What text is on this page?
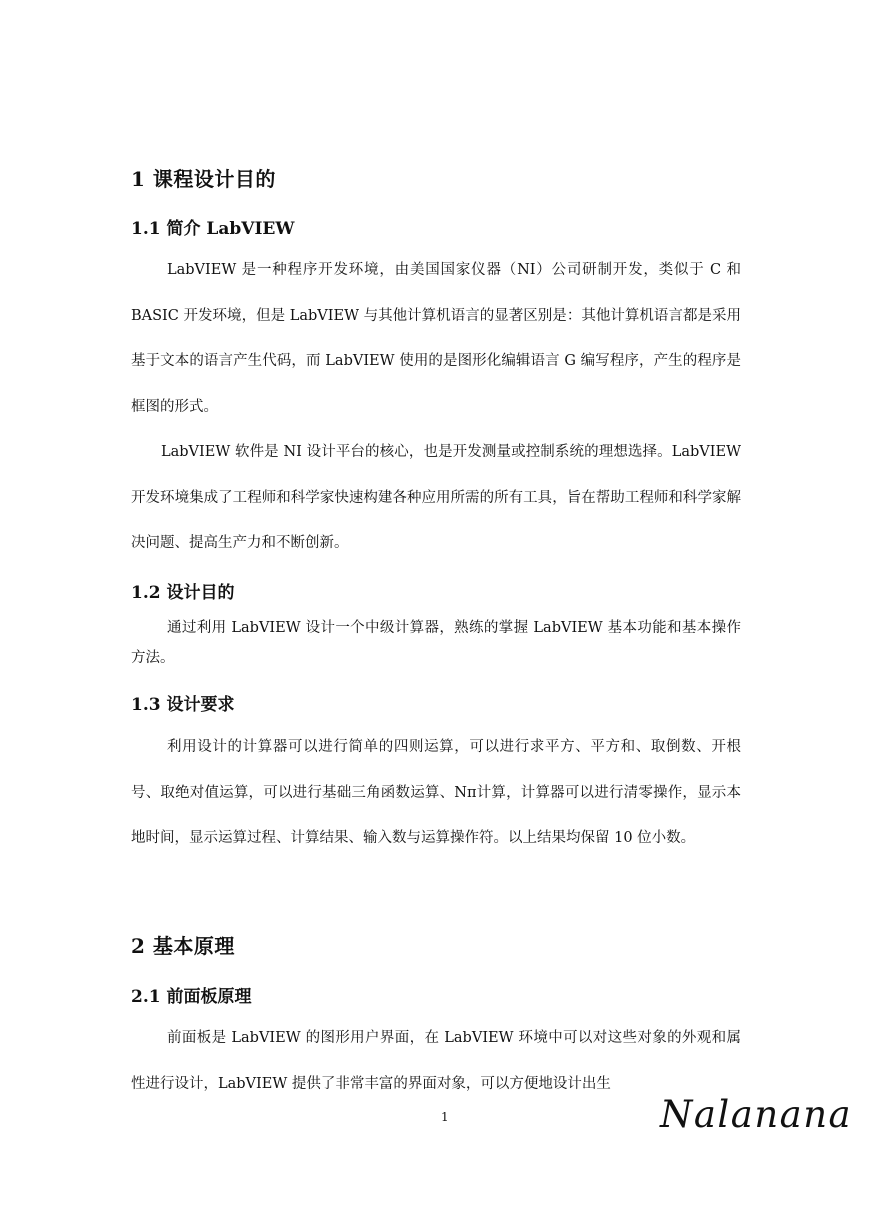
1 课程设计目的
1.1 简介 LabVIEW
LabVIEW 是一种程序开发环境，由美国国家仪器（NI）公司研制开发，类似于 C 和 BASIC 开发环境，但是 LabVIEW 与其他计算机语言的显著区别是：其他计算机语言都是采用基于文本的语言产生代码，而 LabVIEW 使用的是图形化编辑语言 G 编写程序，产生的程序是框图的形式。
LabVIEW 软件是 NI 设计平台的核心，也是开发测量或控制系统的理想选择。LabVIEW 开发环境集成了工程师和科学家快速构建各种应用所需的所有工具，旨在帮助工程师和科学家解决问题、提高生产力和不断创新。
1.2 设计目的
通过利用 LabVIEW 设计一个中级计算器，熟练的掌握 LabVIEW 基本功能和基本操作方法。
1.3 设计要求
利用设计的计算器可以进行简单的四则运算，可以进行求平方、平方和、取倒数、开根号、取绝对值运算，可以进行基础三角函数运算、Nπ计算，计算器可以进行清零操作，显示本地时间，显示运算过程、计算结果、输入数与运算操作符。以上结果均保留 10 位小数。
2 基本原理
2.1 前面板原理
前面板是 LabVIEW 的图形用户界面，在 LabVIEW 环境中可以对这些对象的外观和属性进行设计，LabVIEW 提供了非常丰富的界面对象，可以方便地设计出生
1	Nalanana
